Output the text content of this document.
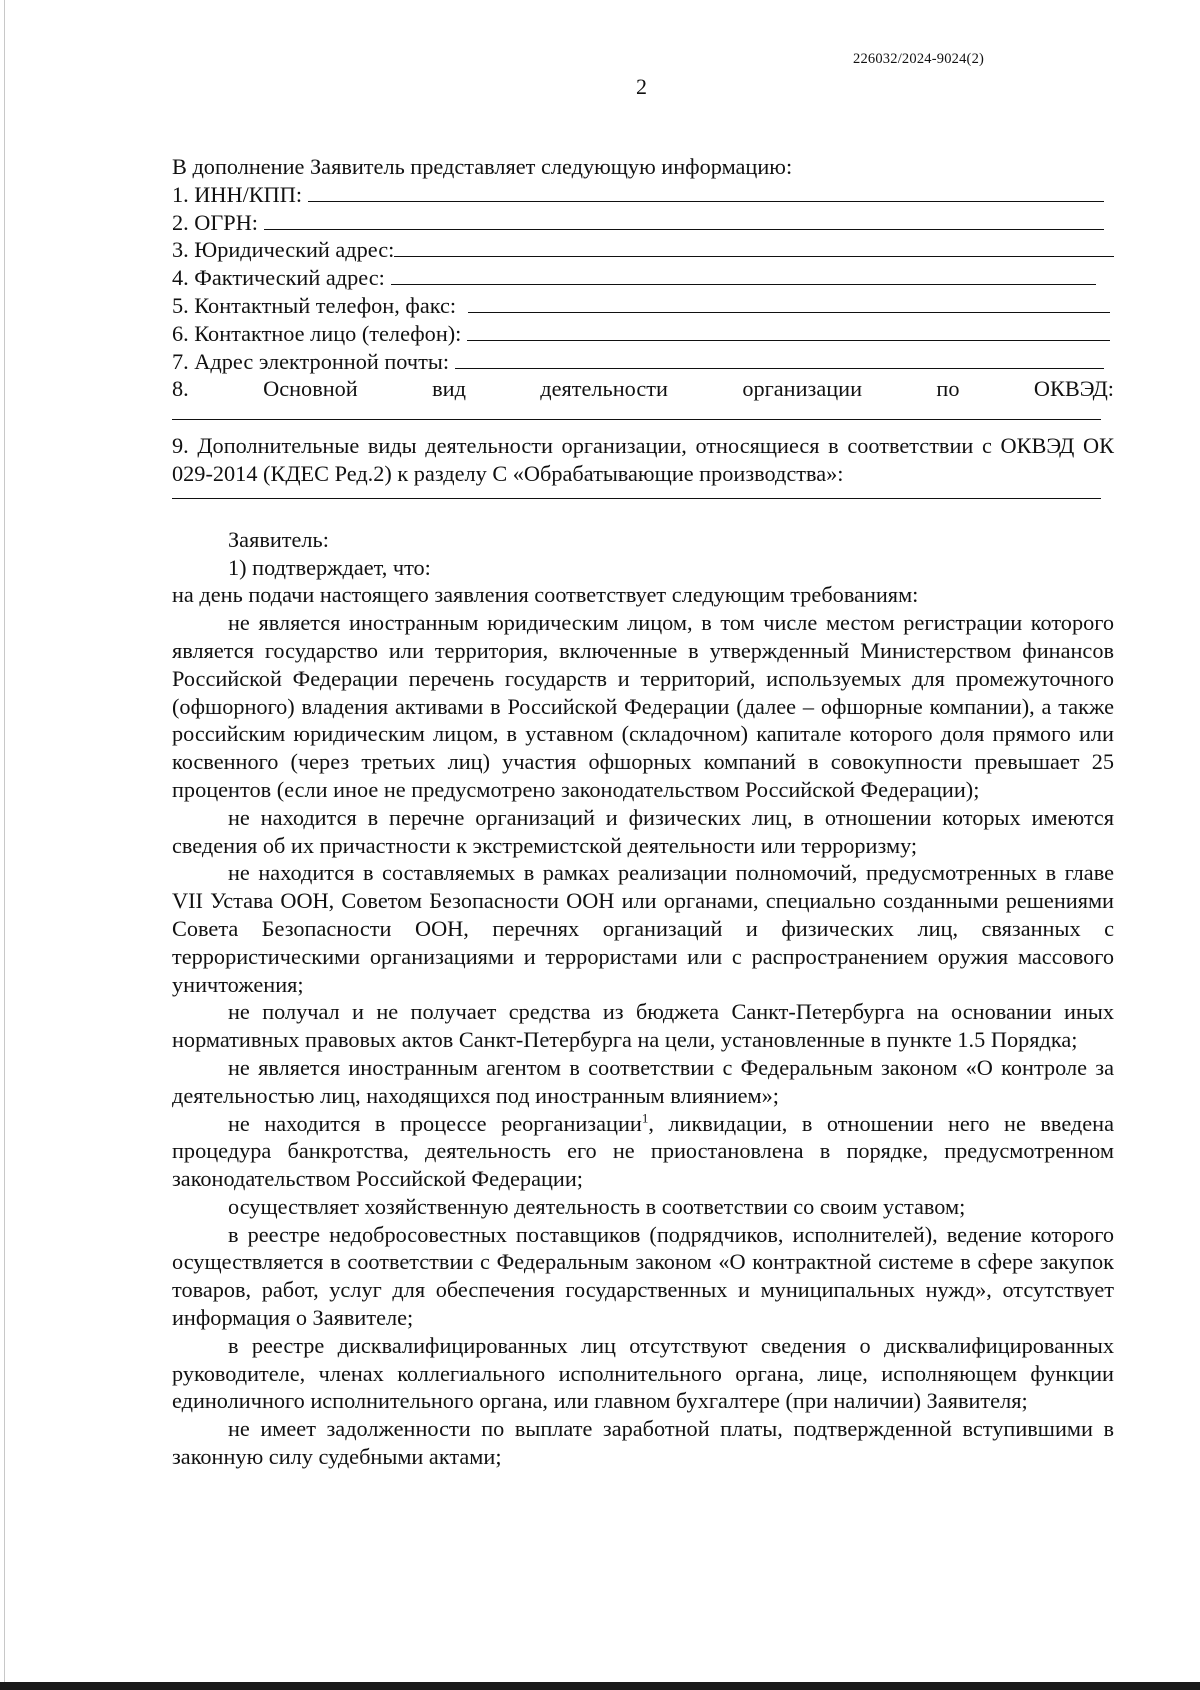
226032/2024-9024(2)
2

В дополнение Заявитель представляет следующую информацию:

1. ИНН/КПП:
2. ОГРН:
3. Юридический адрес:
4. Фактический адрес:
5. Контактный телефон, факс:
6. Контактное лицо (телефон):
7. Адрес электронной почты:
8.	Основной	вид	деятельности	организации	по	ОКВЭД:

9. Дополнительные виды деятельности организации, относящиеся в соответствии с ОКВЭД ОК 029-2014 (КДЕС Ред.2) к разделу С «Обрабатывающие производства»:

Заявитель:

1) подтверждает, что:

на день подачи настоящего заявления соответствует следующим требованиям:

не является иностранным юридическим лицом, в том числе местом регистрации которого является государство или территория, включенные в утвержденный Министерством финансов Российской Федерации перечень государств и территорий, используемых для промежуточного (офшорного) владения активами в Российской Федерации (далее – офшорные компании), а также российским юридическим лицом, в уставном (складочном) капитале которого доля прямого или косвенного (через третьих лиц) участия офшорных компаний в совокупности превышает 25 процентов (если иное не предусмотрено законодательством Российской Федерации);

не находится в перечне организаций и физических лиц, в отношении которых имеются сведения об их причастности к экстремистской деятельности или терроризму;

не находится в составляемых в рамках реализации полномочий, предусмотренных в главе VII Устава ООН, Советом Безопасности ООН или органами, специально созданными решениями Совета Безопасности ООН, перечнях организаций и физических лиц, связанных с террористическими организациями и террористами или с распространением оружия массового уничтожения;

не получал и не получает средства из бюджета Санкт-Петербурга на основании иных нормативных правовых актов Санкт-Петербурга на цели, установленные в пункте 1.5 Порядка;

не является иностранным агентом в соответствии с Федеральным законом «О контроле за деятельностью лиц, находящихся под иностранным влиянием»;

не находится в процессе реорганизации$^1$, ликвидации, в отношении него не введена процедура банкротства, деятельность его не приостановлена в порядке, предусмотренном законодательством Российской Федерации;

осуществляет хозяйственную деятельность в соответствии со своим уставом;

в реестре недобросовестных поставщиков (подрядчиков, исполнителей), ведение которого осуществляется в соответствии с Федеральным законом «О контрактной системе в сфере закупок товаров, работ, услуг для обеспечения государственных и муниципальных нужд», отсутствует информация о Заявителе;

в реестре дисквалифицированных лиц отсутствуют сведения о дисквалифицированных руководителе, членах коллегиального исполнительного органа, лице, исполняющем функции единоличного исполнительного органа, или главном бухгалтере (при наличии) Заявителя;

не имеет задолженности по выплате заработной платы, подтвержденной вступившими в законную силу судебными актами;
